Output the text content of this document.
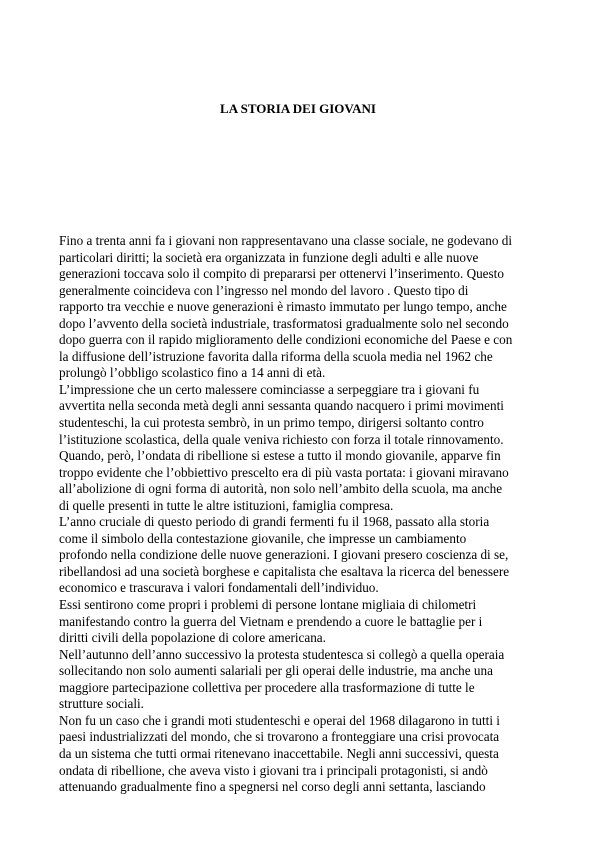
LA STORIA DEI GIOVANI
Fino a trenta anni fa i giovani non rappresentavano una classe sociale, ne godevano di
particolari diritti; la società era organizzata in funzione degli adulti e alle nuove
generazioni toccava solo il compito di prepararsi per ottenervi l’inserimento. Questo
generalmente coincideva con l’ingresso nel mondo del lavoro . Questo tipo di
rapporto tra vecchie e nuove generazioni è rimasto immutato per lungo tempo, anche
dopo l’avvento della società industriale, trasformatosi gradualmente solo nel secondo
dopo guerra con il rapido miglioramento delle condizioni economiche del Paese e con
la diffusione dell’istruzione favorita dalla riforma della scuola media nel 1962 che
prolungò l’obbligo scolastico fino a 14 anni di età.
L’impressione che un certo malessere cominciasse a serpeggiare tra i giovani fu
avvertita nella seconda metà degli anni sessanta quando nacquero i primi movimenti
studenteschi, la cui protesta sembrò, in un primo tempo, dirigersi soltanto contro
l’istituzione scolastica, della quale veniva richiesto con forza il totale rinnovamento.
Quando, però, l’ondata di ribellione si estese a tutto il mondo giovanile, apparve fin
troppo evidente che l’obbiettivo prescelto era di più vasta portata: i giovani miravano
all’abolizione di ogni forma di autorità, non solo nell’ambito della scuola, ma anche
di quelle presenti in tutte le altre istituzioni, famiglia compresa.
L’anno cruciale di questo periodo di grandi fermenti fu il 1968, passato alla storia
come il simbolo della contestazione giovanile, che impresse un cambiamento
profondo nella condizione delle nuove generazioni. I giovani presero coscienza di se,
ribellandosi ad una società borghese e capitalista che esaltava la ricerca del benessere
economico e trascurava i valori fondamentali dell’individuo.
Essi sentirono come propri i problemi di persone lontane migliaia di chilometri
manifestando contro la guerra del Vietnam e prendendo a cuore le battaglie per i
diritti civili della popolazione di colore americana.
Nell’autunno dell’anno successivo la protesta studentesca si collegò a quella operaia
sollecitando non solo aumenti salariali per gli operai delle industrie, ma anche una
maggiore partecipazione collettiva per procedere alla trasformazione di tutte le
strutture sociali.
Non fu un caso che i grandi moti studenteschi e operai del 1968 dilagarono in tutti i
paesi industrializzati del mondo, che si trovarono a fronteggiare una crisi provocata
da un sistema che tutti ormai ritenevano inaccettabile. Negli anni successivi, questa
ondata di ribellione, che aveva visto i giovani tra i principali protagonisti, si andò
attenuando gradualmente fino a spegnersi nel corso degli anni settanta, lasciando
